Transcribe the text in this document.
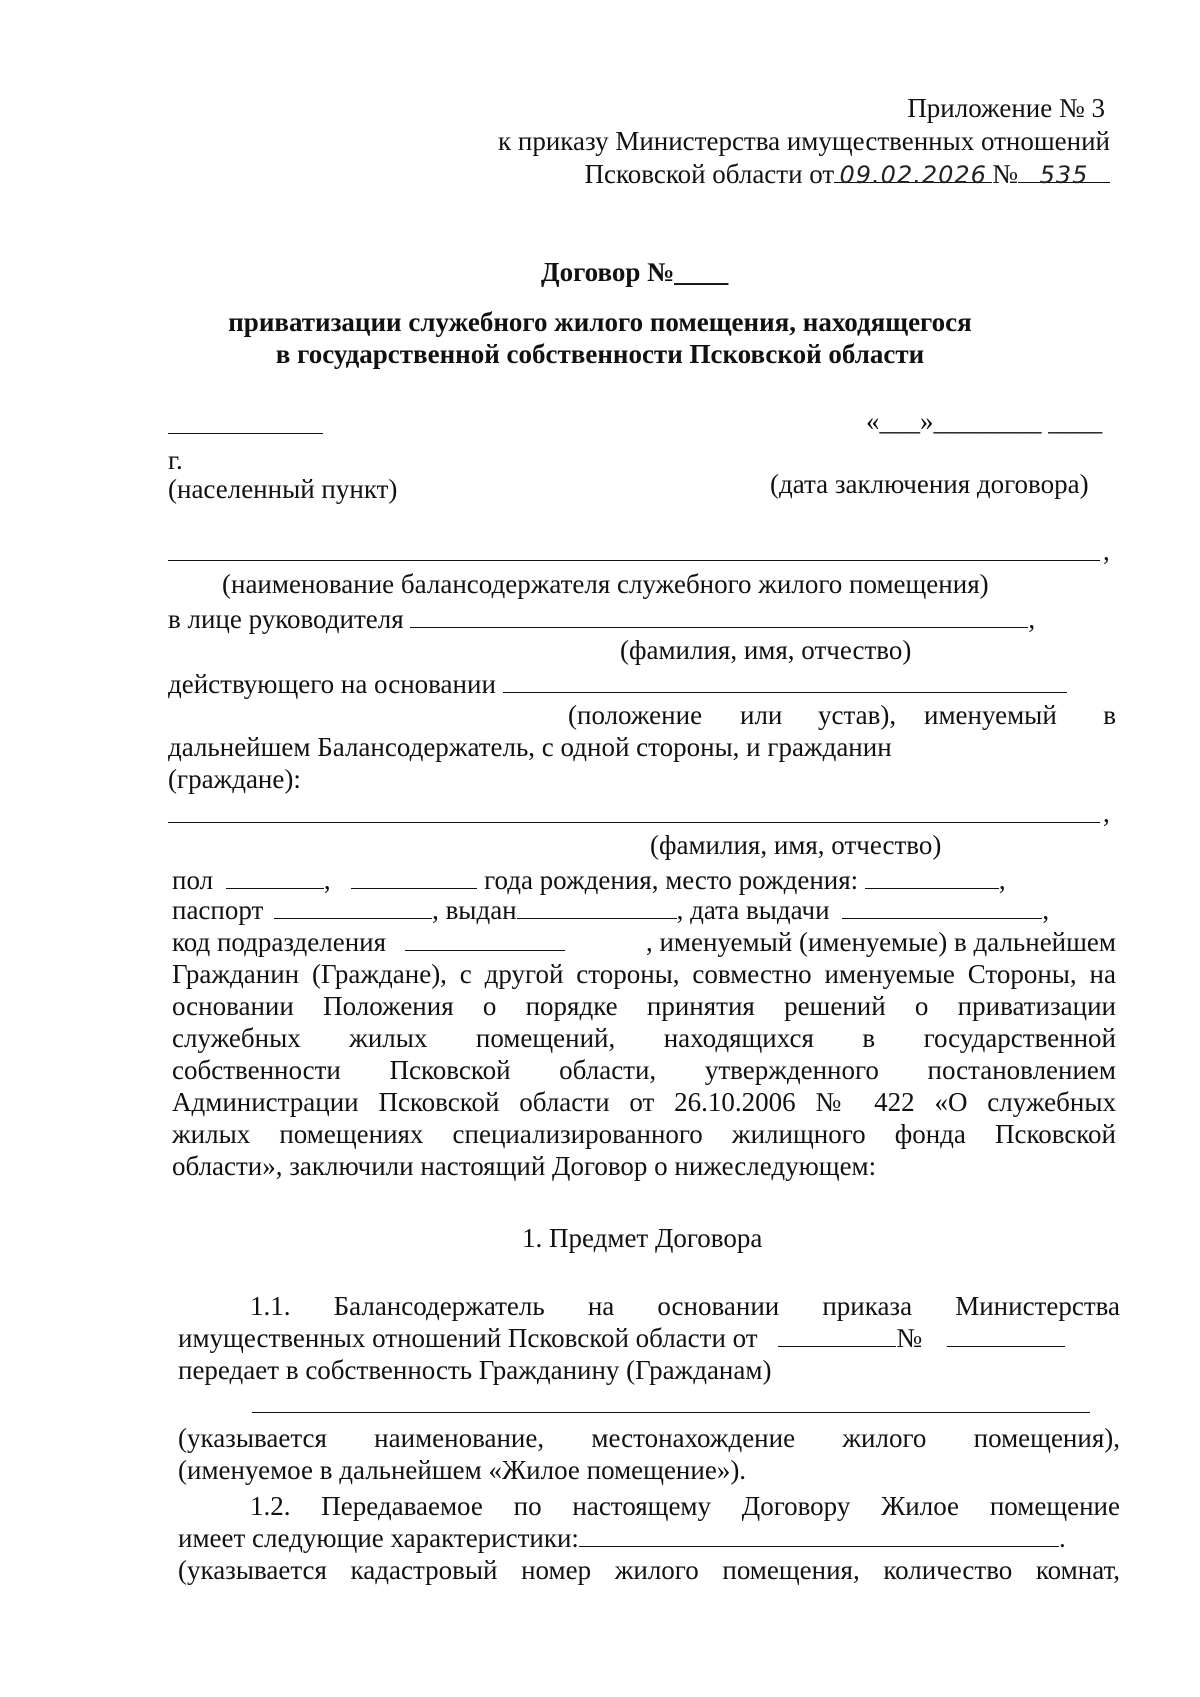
Приложение № 3
к приказу Министерства имущественных отношений
Псковской области от 09.02.2026 № 535
Договор №____
приватизации служебного жилого помещения, находящегося
в государственной собственности Псковской области
«___»________ ____
г.
(населенный пункт)	(дата заключения договора)
,
(наименование балансодержателя служебного жилого помещения)
в лице руководителя	,
(фамилия, имя, отчество)
действующего на основании
(положение или устав), именуемый в
дальнейшем Балансодержатель, с одной стороны, и гражданин
(граждане):
,
(фамилия, имя, отчество)
пол	,	года рождения, место рождения:	,
паспорт	, выдан	, дата выдачи	,
код подразделения	, именуемый (именуемые) в дальнейшем
Гражданин (Граждане), с другой стороны, совместно именуемые Стороны, на
основании Положения о порядке принятия решений о приватизации
служебных жилых помещений, находящихся в государственной
собственности Псковской области, утвержденного постановлением
Администрации Псковской области от 26.10.2006 № 422 «О служебных
жилых помещениях специализированного жилищного фонда Псковской
области», заключили настоящий Договор о нижеследующем:
1. Предмет Договора
1.1. Балансодержатель на основании приказа Министерства
имущественных отношений Псковской области от	№
передает в собственность Гражданину (Гражданам)
(указывается наименование, местонахождение жилого помещения),
(именуемое в дальнейшем «Жилое помещение»).
1.2. Передаваемое по настоящему Договору Жилое помещение
имеет следующие характеристики:	.
(указывается кадастровый номер жилого помещения, количество комнат,
